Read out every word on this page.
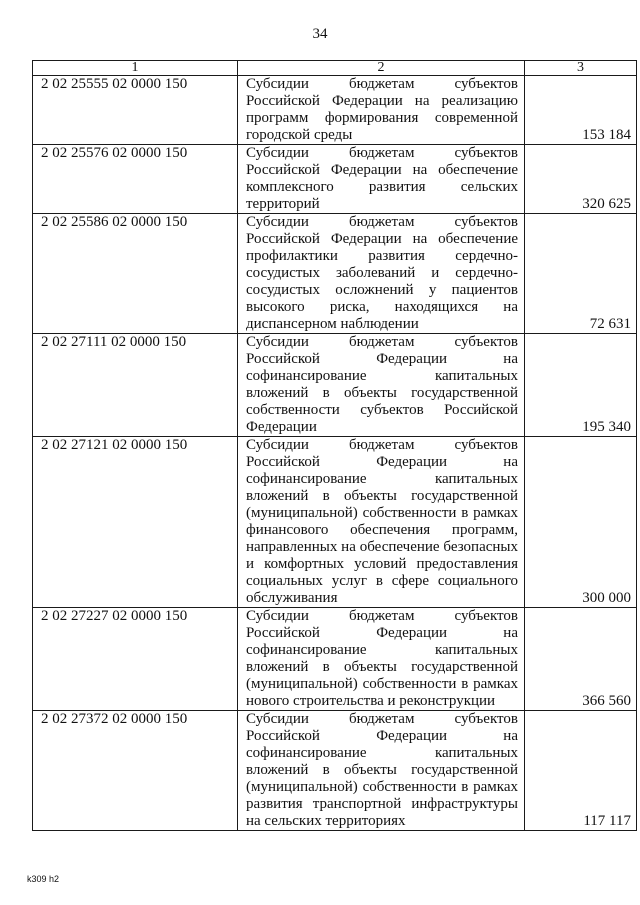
34
1	2	3
2 02 25555 02 0000 150	Субсидии бюджетам субъектов Российской Федерации на реализацию программ формирования современной городской среды	153 184
2 02 25576 02 0000 150	Субсидии бюджетам субъектов Российской Федерации на обеспечение комплексного развития сельских территорий	320 625
2 02 25586 02 0000 150	Субсидии бюджетам субъектов Российской Федерации на обеспечение профилактики развития сердечно-сосудистых заболеваний и сердечно-сосудистых осложнений у пациентов высокого риска, находящихся на диспансерном наблюдении	72 631
2 02 27111 02 0000 150	Субсидии бюджетам субъектов Российской Федерации на софинансирование капитальных вложений в объекты государственной собственности субъектов Российской Федерации	195 340
2 02 27121 02 0000 150	Субсидии бюджетам субъектов Российской Федерации на софинансирование капитальных вложений в объекты государственной (муниципальной) собственности в рамках финансового обеспечения программ, направленных на обеспечение безопасных и комфортных условий предоставления социальных услуг в сфере социального обслуживания	300 000
2 02 27227 02 0000 150	Субсидии бюджетам субъектов Российской Федерации на софинансирование капитальных вложений в объекты государственной (муниципальной) собственности в рамках нового строительства и реконструкции	366 560
2 02 27372 02 0000 150	Субсидии бюджетам субъектов Российской Федерации на софинансирование капитальных вложений в объекты государственной (муниципальной) собственности в рамках развития транспортной инфраструктуры на сельских территориях	117 117
k309 h2
